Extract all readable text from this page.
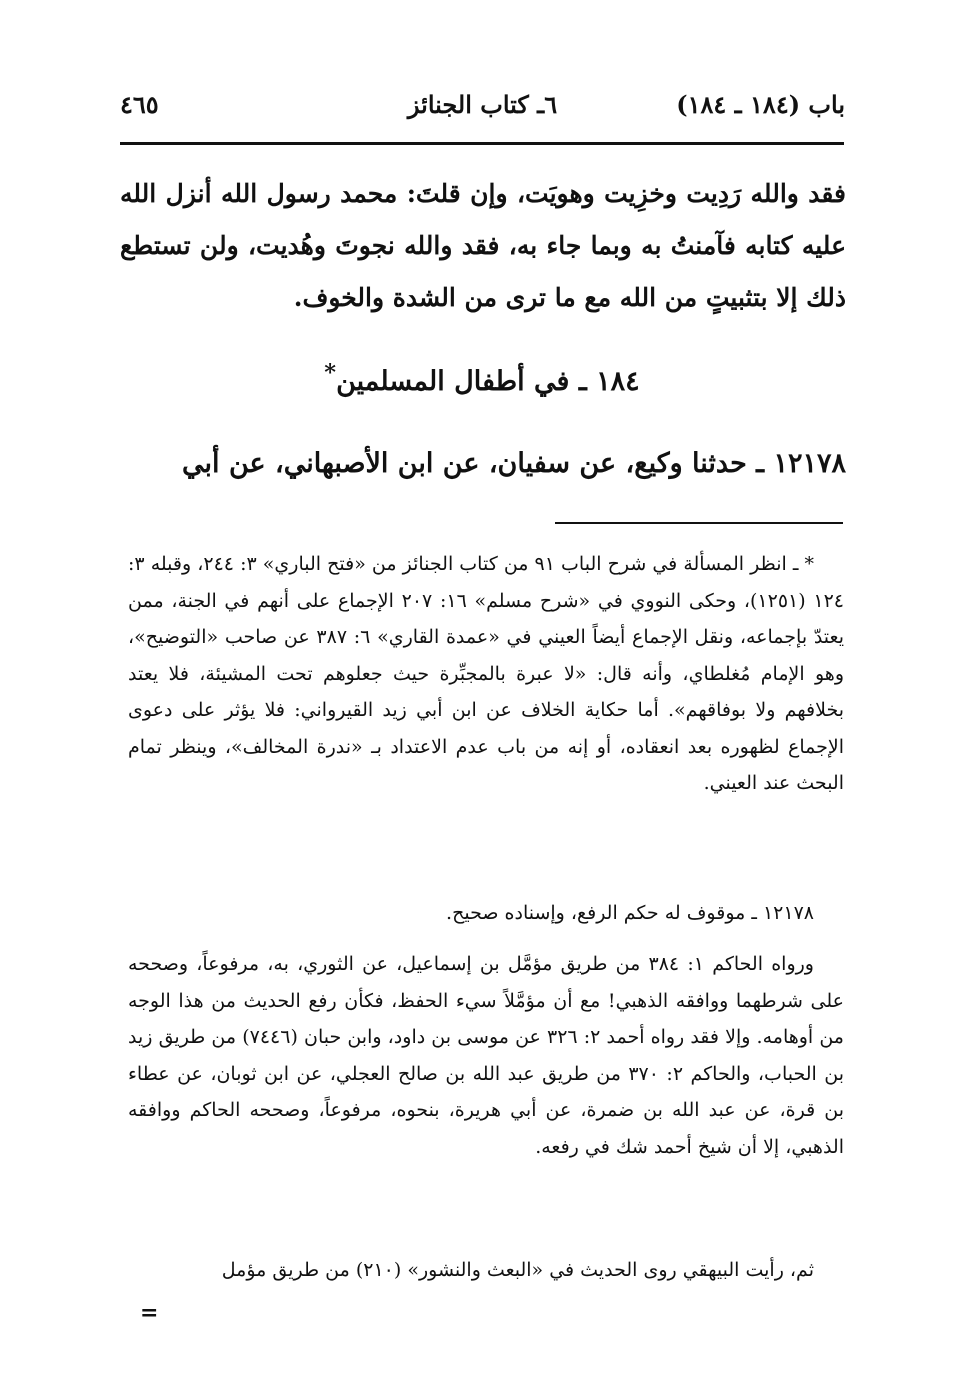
باب (١٨٤ ـ ١٨٤)
٦ـ كتاب الجنائز
٤٦٥
فقد والله رَدِيت وخزِيت وهويَت، وإن قلتَ: محمد رسول الله أنزل الله عليه كتابه فآمنتُ به وبما جاء به، فقد والله نجوتَ وهُديت، ولن تستطع ذلك إلا بتثبيتٍ من الله مع ما ترى من الشدة والخوف.
١٨٤ ـ في أطفال المسلمين*
١٢١٧٨ ـ حدثنا وكيع، عن سفيان، عن ابن الأصبهاني، عن أبي
* ـ انظر المسألة في شرح الباب ٩١ من كتاب الجنائز من «فتح الباري» ٣: ٢٤٤، وقبله ٣: ١٢٤ (١٢٥١)، وحكى النووي في «شرح مسلم» ١٦: ٢٠٧ الإجماع على أنهم في الجنة، ممن يعتدّ بإجماعه، ونقل الإجماع أيضاً العيني في «عمدة القاري» ٦: ٣٨٧ عن صاحب «التوضيح»، وهو الإمام مُغلطاي، وأنه قال: «لا عبرة بالمجبِّرة حيث جعلوهم تحت المشيئة، فلا يعتد بخلافهم ولا بوفاقهم». أما حكاية الخلاف عن ابن أبي زيد القيرواني: فلا يؤثر على دعوى الإجماع لظهوره بعد انعقاده، أو إنه من باب عدم الاعتداد بـ «ندرة المخالف»، وينظر تمام البحث عند العيني.
١٢١٧٨ ـ موقوف له حكم الرفع، وإسناده صحيح.
ورواه الحاكم ١: ٣٨٤ من طريق مؤمَّل بن إسماعيل، عن الثوري، به، مرفوعاً، وصححه على شرطهما ووافقه الذهبي! مع أن مؤمَّلاً سيء الحفظ، فكأن رفع الحديث من هذا الوجه من أوهامه. وإلا فقد رواه أحمد ٢: ٣٢٦ عن موسى بن داود، وابن حبان (٧٤٤٦) من طريق زيد بن الحباب، والحاكم ٢: ٣٧٠ من طريق عبد الله بن صالح العجلي، عن ابن ثوبان، عن عطاء بن قرة، عن عبد الله بن ضمرة، عن أبي هريرة، بنحوه، مرفوعاً، وصححه الحاكم ووافقه الذهبي، إلا أن شيخ أحمد شك في رفعه.
ثم، رأيت البيهقي روى الحديث في «البعث والنشور» (٢١٠) من طريق مؤمل
=
